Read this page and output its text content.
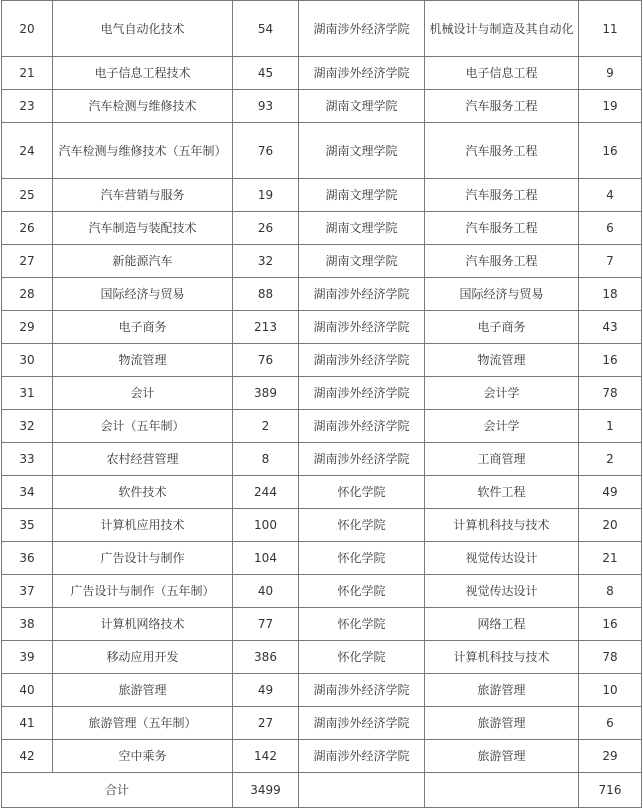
20	电气自动化技术	54	湖南涉外经济学院	机械设计与制造及其自动化	11
21	电子信息工程技术	45	湖南涉外经济学院	电子信息工程	9
23	汽车检测与维修技术	93	湖南文理学院	汽车服务工程	19
24	汽车检测与维修技术（五年制）	76	湖南文理学院	汽车服务工程	16
25	汽车营销与服务	19	湖南文理学院	汽车服务工程	4
26	汽车制造与装配技术	26	湖南文理学院	汽车服务工程	6
27	新能源汽车	32	湖南文理学院	汽车服务工程	7
28	国际经济与贸易	88	湖南涉外经济学院	国际经济与贸易	18
29	电子商务	213	湖南涉外经济学院	电子商务	43
30	物流管理	76	湖南涉外经济学院	物流管理	16
31	会计	389	湖南涉外经济学院	会计学	78
32	会计（五年制）	2	湖南涉外经济学院	会计学	1
33	农村经营管理	8	湖南涉外经济学院	工商管理	2
34	软件技术	244	怀化学院	软件工程	49
35	计算机应用技术	100	怀化学院	计算机科技与技术	20
36	广告设计与制作	104	怀化学院	视觉传达设计	21
37	广告设计与制作（五年制）	40	怀化学院	视觉传达设计	8
38	计算机网络技术	77	怀化学院	网络工程	16
39	移动应用开发	386	怀化学院	计算机科技与技术	78
40	旅游管理	49	湖南涉外经济学院	旅游管理	10
41	旅游管理（五年制）	27	湖南涉外经济学院	旅游管理	6
42	空中乘务	142	湖南涉外经济学院	旅游管理	29
合计		3499			716
